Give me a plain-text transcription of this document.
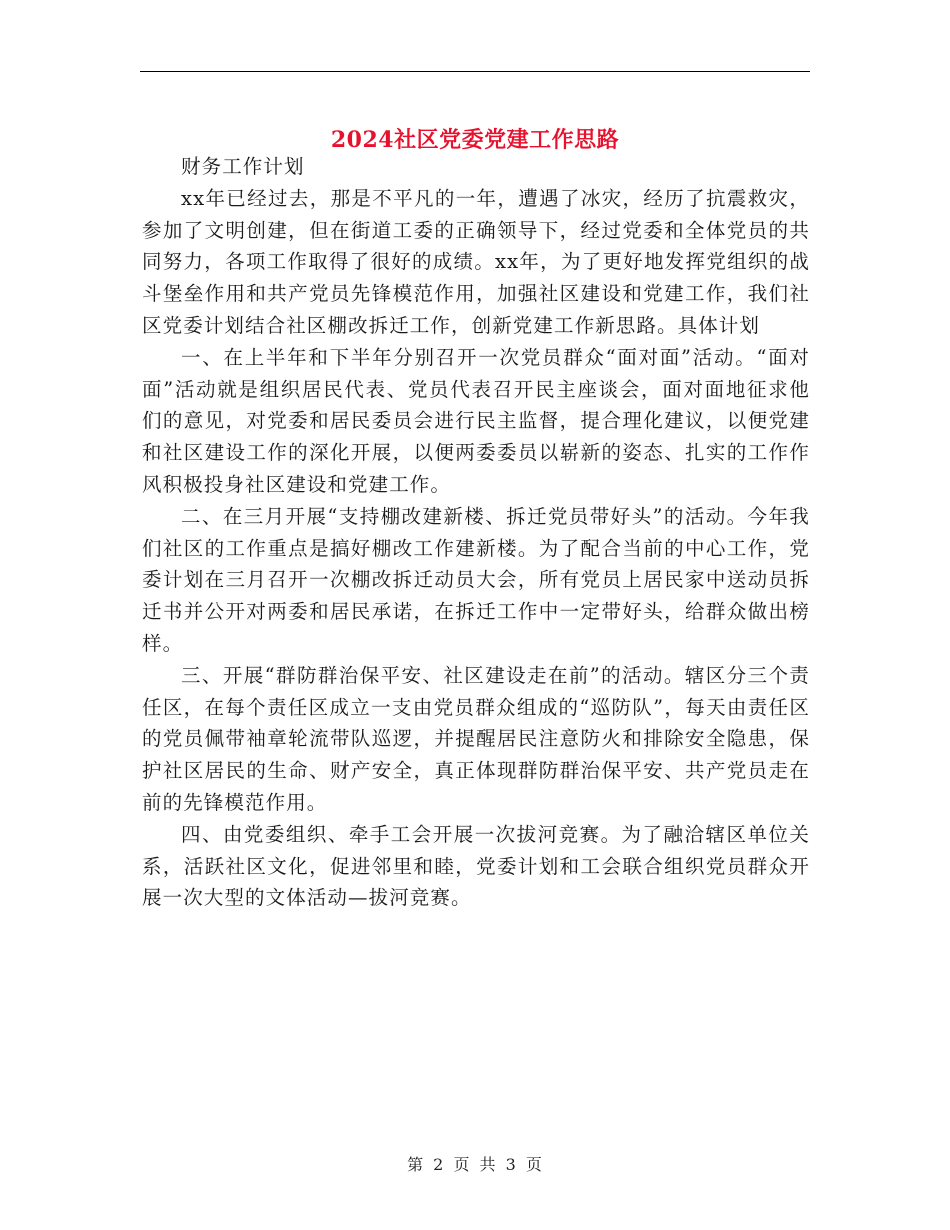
2024社区党委党建工作思路

财务工作计划

xx年已经过去，那是不平凡的一年，遭遇了冰灾，经历了抗震救灾，参加了文明创建，但在街道工委的正确领导下，经过党委和全体党员的共同努力，各项工作取得了很好的成绩。xx年，为了更好地发挥党组织的战斗堡垒作用和共产党员先锋模范作用，加强社区建设和党建工作，我们社区党委计划结合社区棚改拆迁工作，创新党建工作新思路。具体计划

一、在上半年和下半年分别召开一次党员群众“面对面”活动。“面对面”活动就是组织居民代表、党员代表召开民主座谈会，面对面地征求他们的意见，对党委和居民委员会进行民主监督，提合理化建议，以便党建和社区建设工作的深化开展，以便两委委员以崭新的姿态、扎实的工作作风积极投身社区建设和党建工作。

二、在三月开展“支持棚改建新楼、拆迁党员带好头”的活动。今年我们社区的工作重点是搞好棚改工作建新楼。为了配合当前的中心工作，党委计划在三月召开一次棚改拆迁动员大会，所有党员上居民家中送动员拆迁书并公开对两委和居民承诺，在拆迁工作中一定带好头，给群众做出榜样。

三、开展“群防群治保平安、社区建设走在前”的活动。辖区分三个责任区，在每个责任区成立一支由党员群众组成的“巡防队”，每天由责任区的党员佩带袖章轮流带队巡逻，并提醒居民注意防火和排除安全隐患，保护社区居民的生命、财产安全，真正体现群防群治保平安、共产党员走在前的先锋模范作用。

四、由党委组织、牵手工会开展一次拔河竞赛。为了融洽辖区单位关系，活跃社区文化，促进邻里和睦，党委计划和工会联合组织党员群众开展一次大型的文体活动—拔河竞赛。

第 2 页 共 3 页
